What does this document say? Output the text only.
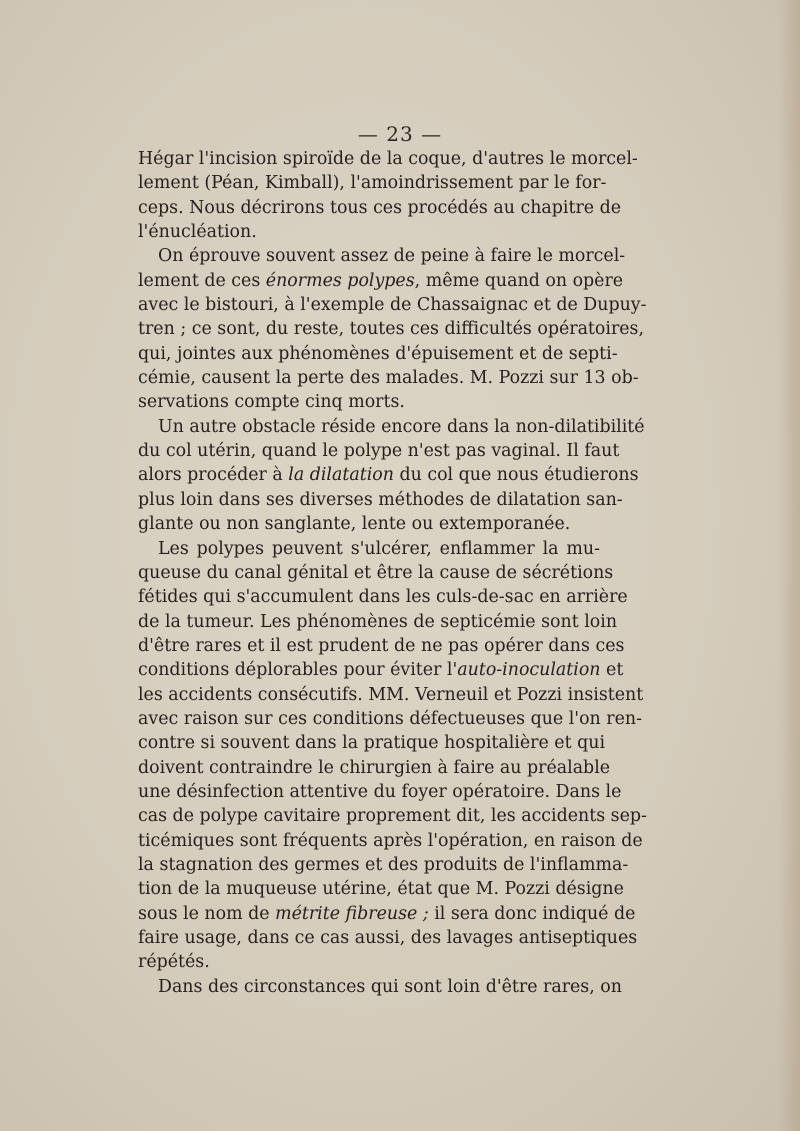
— 23 —
Hégar l'incision spiroïde de la coque, d'autres le morcel-
lement (Péan, Kimball), l'amoindrissement par le for-
ceps. Nous décrirons tous ces procédés au chapitre de
l'énucléation.
On éprouve souvent assez de peine à faire le morcel-
lement de ces énormes polypes, même quand on opère
avec le bistouri, à l'exemple de Chassaignac et de Dupuy-
tren ; ce sont, du reste, toutes ces difficultés opératoires,
qui, jointes aux phénomènes d'épuisement et de septi-
cémie, causent la perte des malades. M. Pozzi sur 13 ob-
servations compte cinq morts.
Un autre obstacle réside encore dans la non-dilatibilité
du col utérin, quand le polype n'est pas vaginal. Il faut
alors procéder à la dilatation du col que nous étudierons
plus loin dans ses diverses méthodes de dilatation san-
glante ou non sanglante, lente ou extemporanée.
Les polypes peuvent s'ulcérer, enflammer la mu-
queuse du canal génital et être la cause de sécrétions
fétides qui s'accumulent dans les culs-de-sac en arrière
de la tumeur. Les phénomènes de septicémie sont loin
d'être rares et il est prudent de ne pas opérer dans ces
conditions déplorables pour éviter l'auto-inoculation et
les accidents consécutifs. MM. Verneuil et Pozzi insistent
avec raison sur ces conditions défectueuses que l'on ren-
contre si souvent dans la pratique hospitalière et qui
doivent contraindre le chirurgien à faire au préalable
une désinfection attentive du foyer opératoire. Dans le
cas de polype cavitaire proprement dit, les accidents sep-
ticémiques sont fréquents après l'opération, en raison de
la stagnation des germes et des produits de l'inflamma-
tion de la muqueuse utérine, état que M. Pozzi désigne
sous le nom de métrite fibreuse ; il sera donc indiqué de
faire usage, dans ce cas aussi, des lavages antiseptiques
répétés.
Dans des circonstances qui sont loin d'être rares, on
